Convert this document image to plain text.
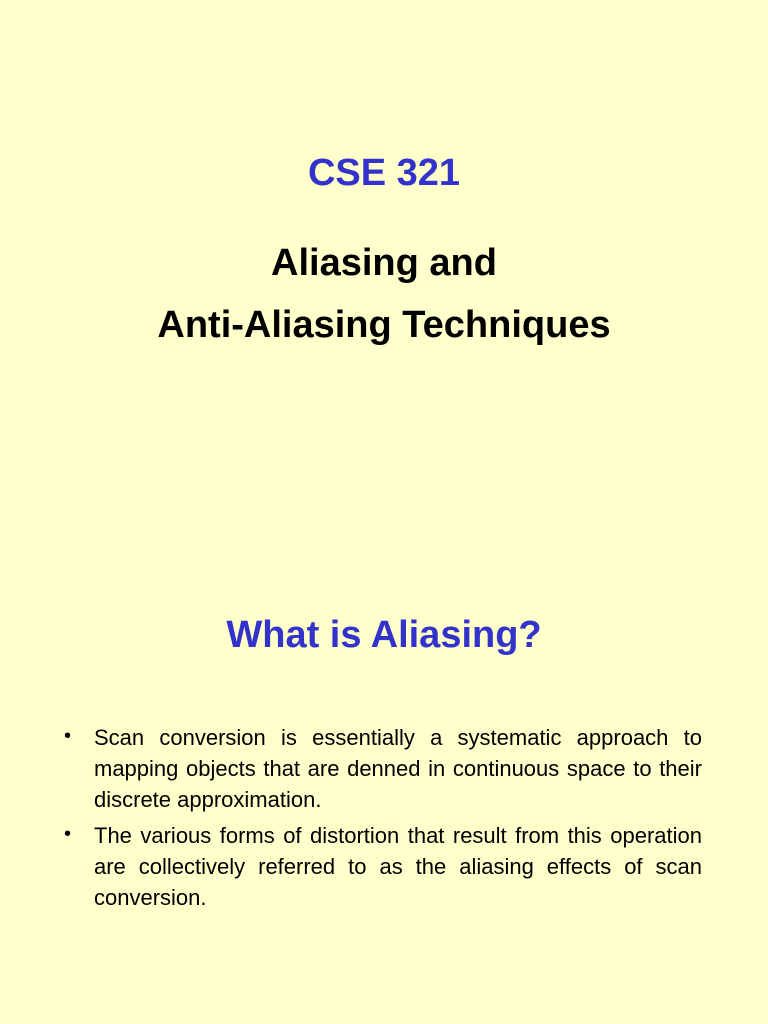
CSE 321
Aliasing and
Anti-Aliasing Techniques
What is Aliasing?
• Scan conversion is essentially a systematic approach to mapping objects that are denned in continuous space to their discrete approximation.
• The various forms of distortion that result from this operation are collectively referred to as the aliasing effects of scan conversion.
